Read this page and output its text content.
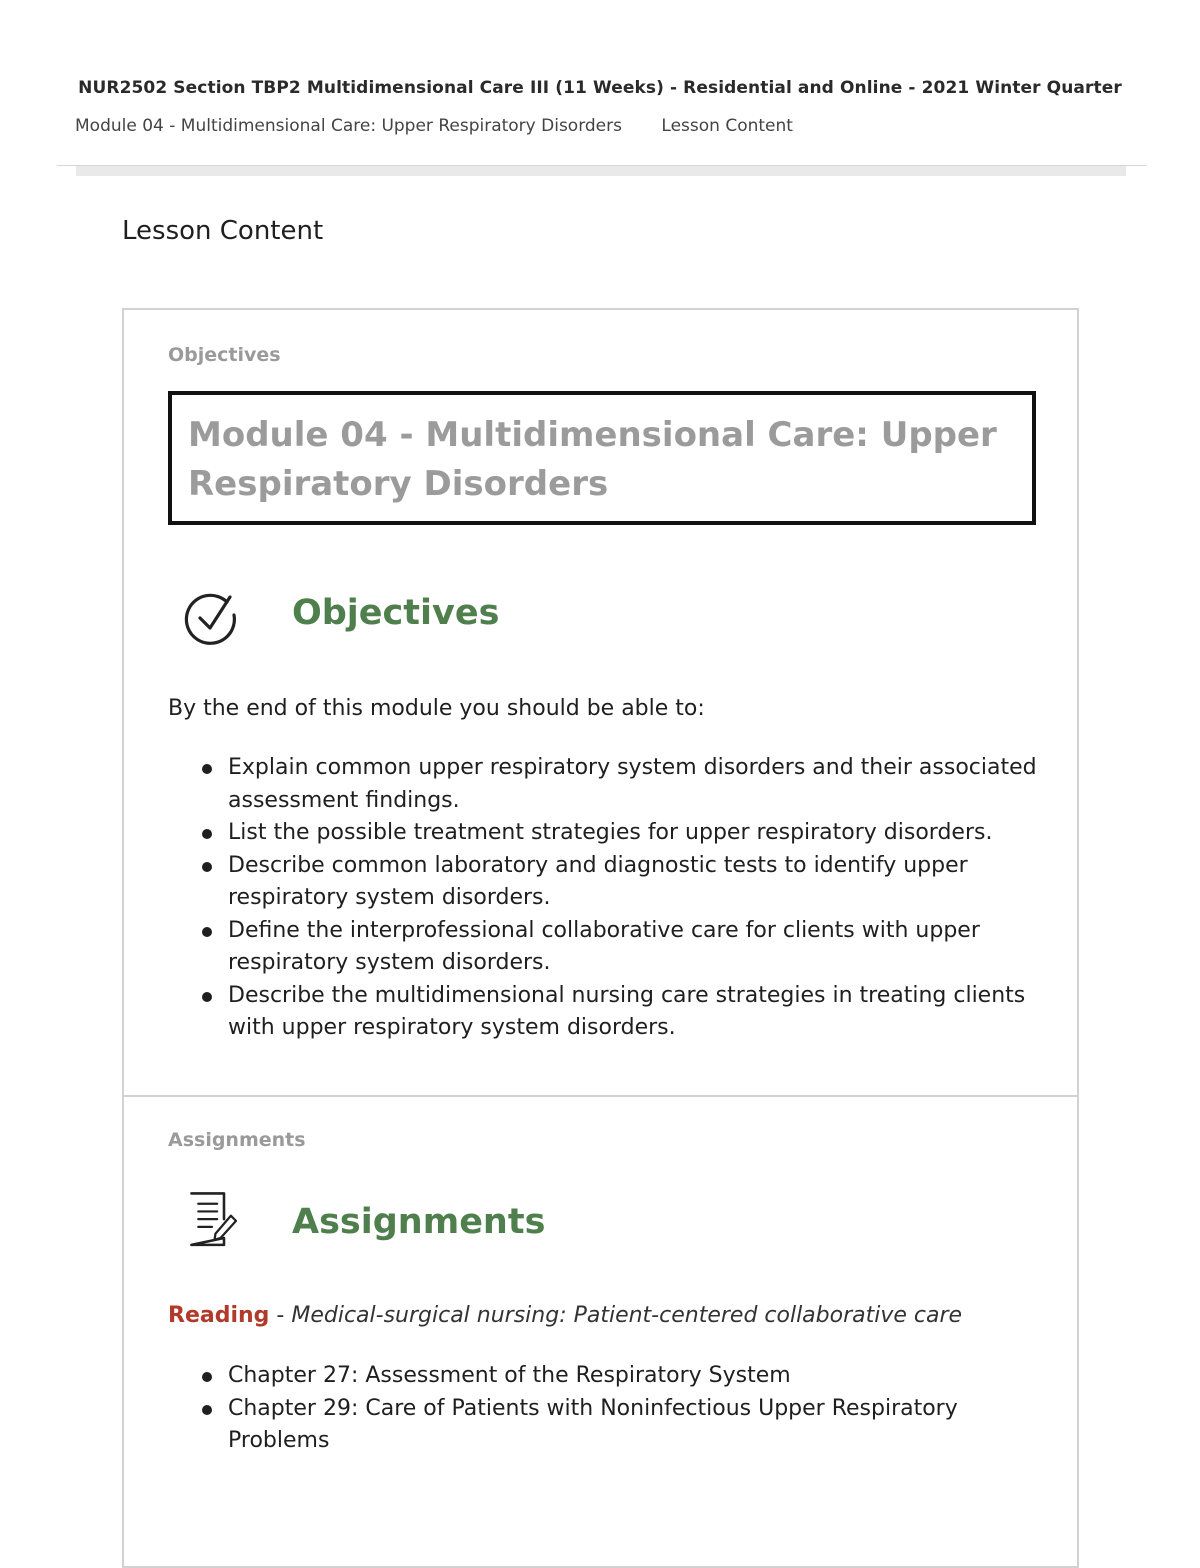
NUR2502 Section TBP2 Multidimensional Care III (11 Weeks) - Residential and Online - 2021 Winter Quarter
Module 04 - Multidimensional Care: Upper Respiratory Disorders Lesson Content
Lesson Content
Objectives
Module 04 - Multidimensional Care: Upper Respiratory Disorders
Objectives
By the end of this module you should be able to:
Explain common upper respiratory system disorders and their associated assessment findings.
List the possible treatment strategies for upper respiratory disorders.
Describe common laboratory and diagnostic tests to identify upper respiratory system disorders.
Define the interprofessional collaborative care for clients with upper respiratory system disorders.
Describe the multidimensional nursing care strategies in treating clients with upper respiratory system disorders.
Assignments
Assignments
Reading - Medical-surgical nursing: Patient-centered collaborative care
Chapter 27: Assessment of the Respiratory System
Chapter 29: Care of Patients with Noninfectious Upper Respiratory Problems
